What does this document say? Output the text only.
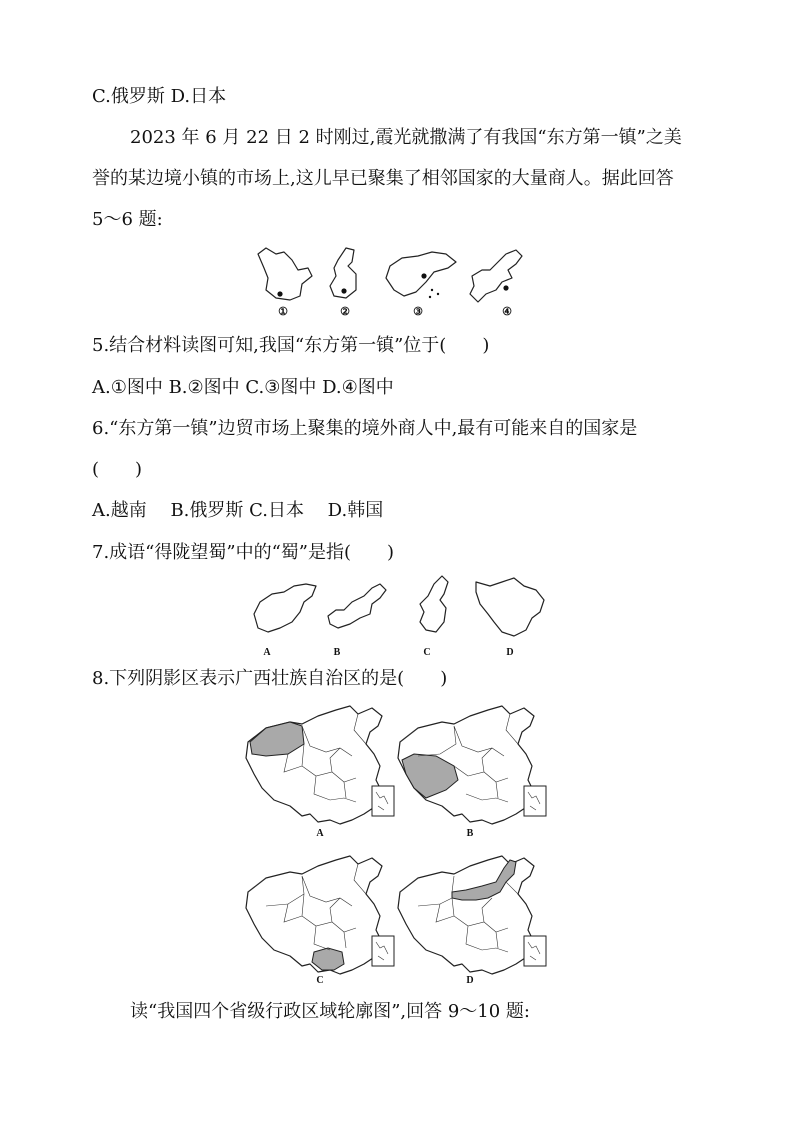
C.俄罗斯 D.日本
2023 年 6 月 22 日 2 时刚过,霞光就撒满了有我国“东方第一镇”之美
誉的某边境小镇的市场上,这儿早已聚集了相邻国家的大量商人。据此回答
5～6 题:
①	②	③	④
5.结合材料读图可知,我国“东方第一镇”位于(　　)
A.①图中 B.②图中 C.③图中 D.④图中
6.“东方第一镇”边贸市场上聚集的境外商人中,最有可能来自的国家是
(　　)
A.越南　 B.俄罗斯 C.日本　 D.韩国
7.成语“得陇望蜀”中的“蜀”是指(　　)
A	B	C	D
8.下列阴影区表示广西壮族自治区的是(　　)
A	B
C	D
读“我国四个省级行政区域轮廓图”,回答 9～10 题:
